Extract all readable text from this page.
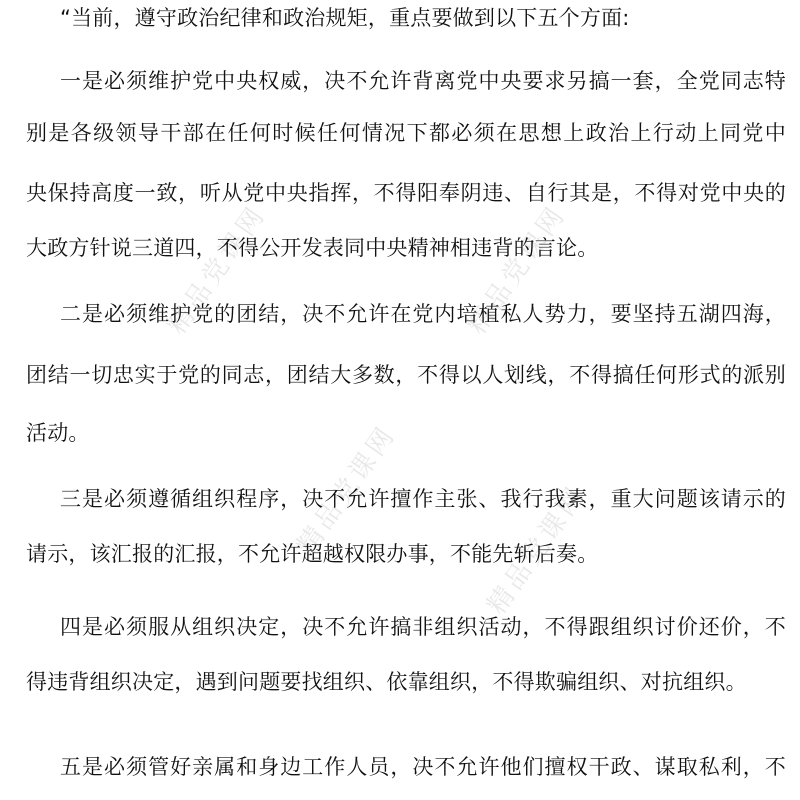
精品党课网	精品党课网
精品党课网	精品党课网

“当前，遵守政治纪律和政治规矩，重点要做到以下五个方面:

一是必须维护党中央权威，决不允许背离党中央要求另搞一套，全党同志特

别是各级领导干部在任何时候任何情况下都必须在思想上政治上行动上同党中

央保持高度一致，听从党中央指挥，不得阳奉阴违、自行其是，不得对党中央的

大政方针说三道四，不得公开发表同中央精神相违背的言论。

二是必须维护党的团结，决不允许在党内培植私人势力，要坚持五湖四海，

团结一切忠实于党的同志，团结大多数，不得以人划线，不得搞任何形式的派别

活动。

三是必须遵循组织程序，决不允许擅作主张、我行我素，重大问题该请示的

请示，该汇报的汇报，不允许超越权限办事，不能先斩后奏。

四是必须服从组织决定，决不允许搞非组织活动，不得跟组织讨价还价，不

得违背组织决定，遇到问题要找组织、依靠组织，不得欺骗组织、对抗组织。

五是必须管好亲属和身边工作人员，决不允许他们擅权干政、谋取私利，不
